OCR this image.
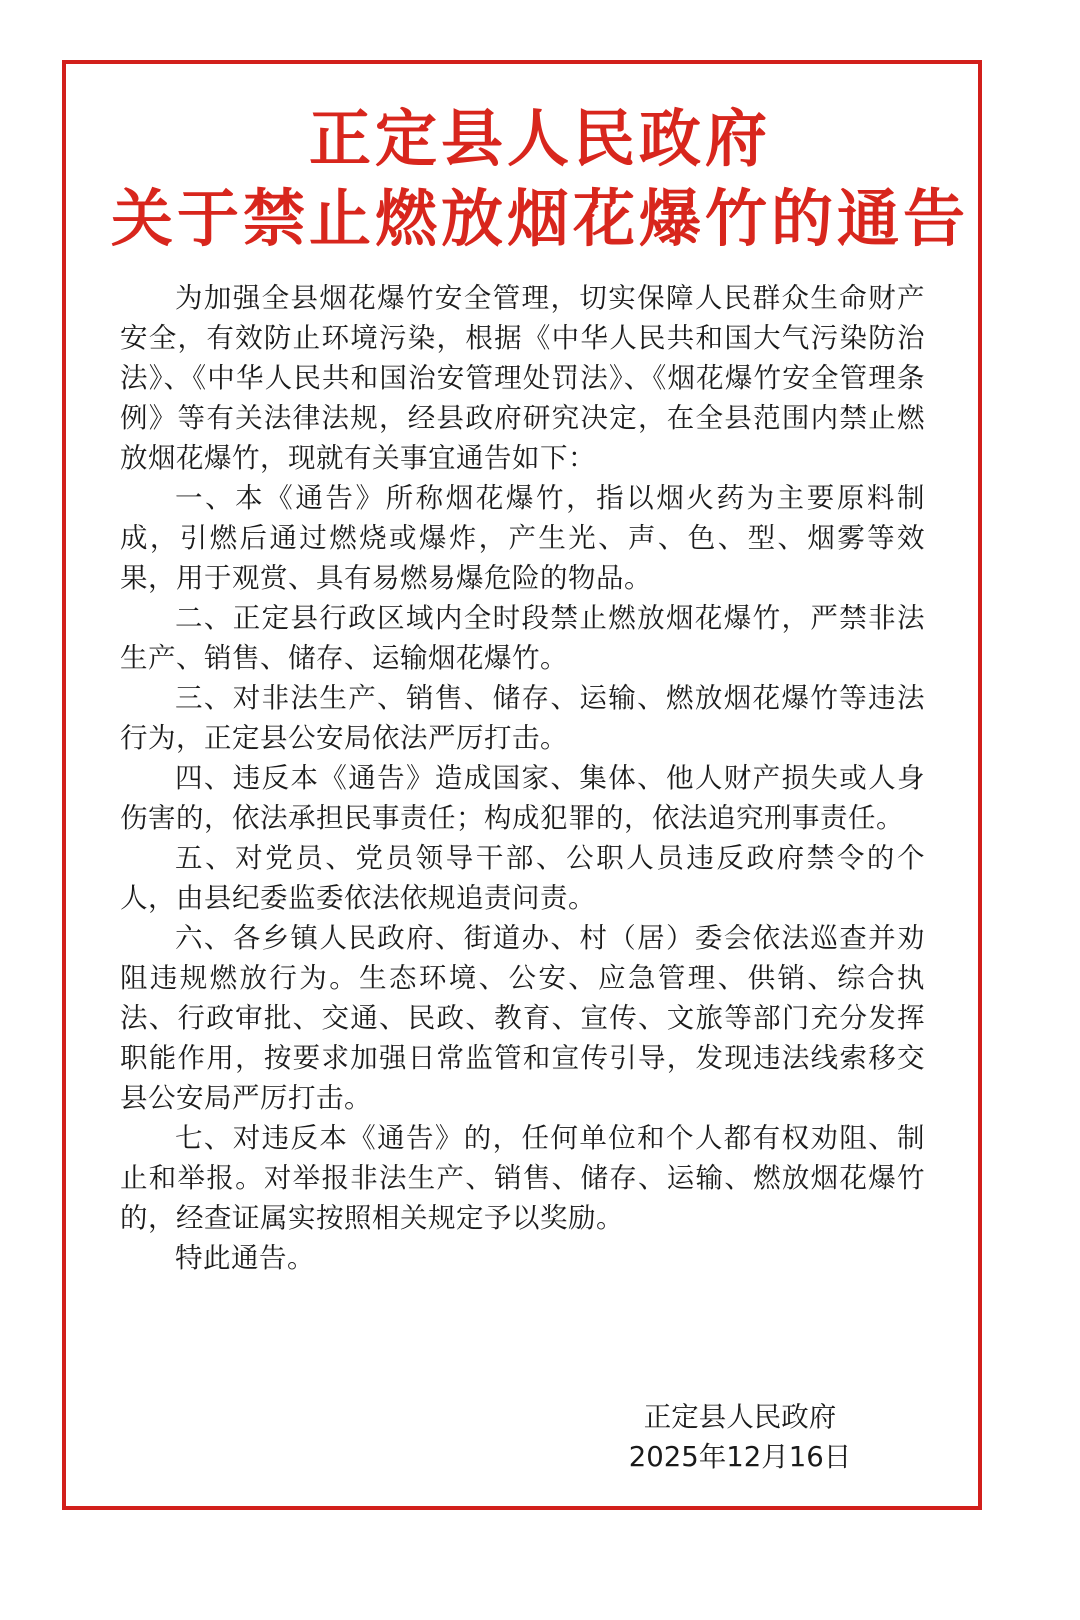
正定县人民政府
关于禁止燃放烟花爆竹的通告

为加强全县烟花爆竹安全管理，切实保障人民群众生命财产安全，有效防止环境污染，根据《中华人民共和国大气污染防治法》、《中华人民共和国治安管理处罚法》、《烟花爆竹安全管理条例》等有关法律法规，经县政府研究决定，在全县范围内禁止燃放烟花爆竹，现就有关事宜通告如下：

一、本《通告》所称烟花爆竹，指以烟火药为主要原料制成，引燃后通过燃烧或爆炸，产生光、声、色、型、烟雾等效果，用于观赏、具有易燃易爆危险的物品。

二、正定县行政区域内全时段禁止燃放烟花爆竹，严禁非法生产、销售、储存、运输烟花爆竹。

三、对非法生产、销售、储存、运输、燃放烟花爆竹等违法行为，正定县公安局依法严厉打击。

四、违反本《通告》造成国家、集体、他人财产损失或人身伤害的，依法承担民事责任；构成犯罪的，依法追究刑事责任。

五、对党员、党员领导干部、公职人员违反政府禁令的个人，由县纪委监委依法依规追责问责。

六、各乡镇人民政府、街道办、村（居）委会依法巡查并劝阻违规燃放行为。生态环境、公安、应急管理、供销、综合执法、行政审批、交通、民政、教育、宣传、文旅等部门充分发挥职能作用，按要求加强日常监管和宣传引导，发现违法线索移交县公安局严厉打击。

七、对违反本《通告》的，任何单位和个人都有权劝阻、制止和举报。对举报非法生产、销售、储存、运输、燃放烟花爆竹的，经查证属实按照相关规定予以奖励。

特此通告。

正定县人民政府
2025年12月16日
